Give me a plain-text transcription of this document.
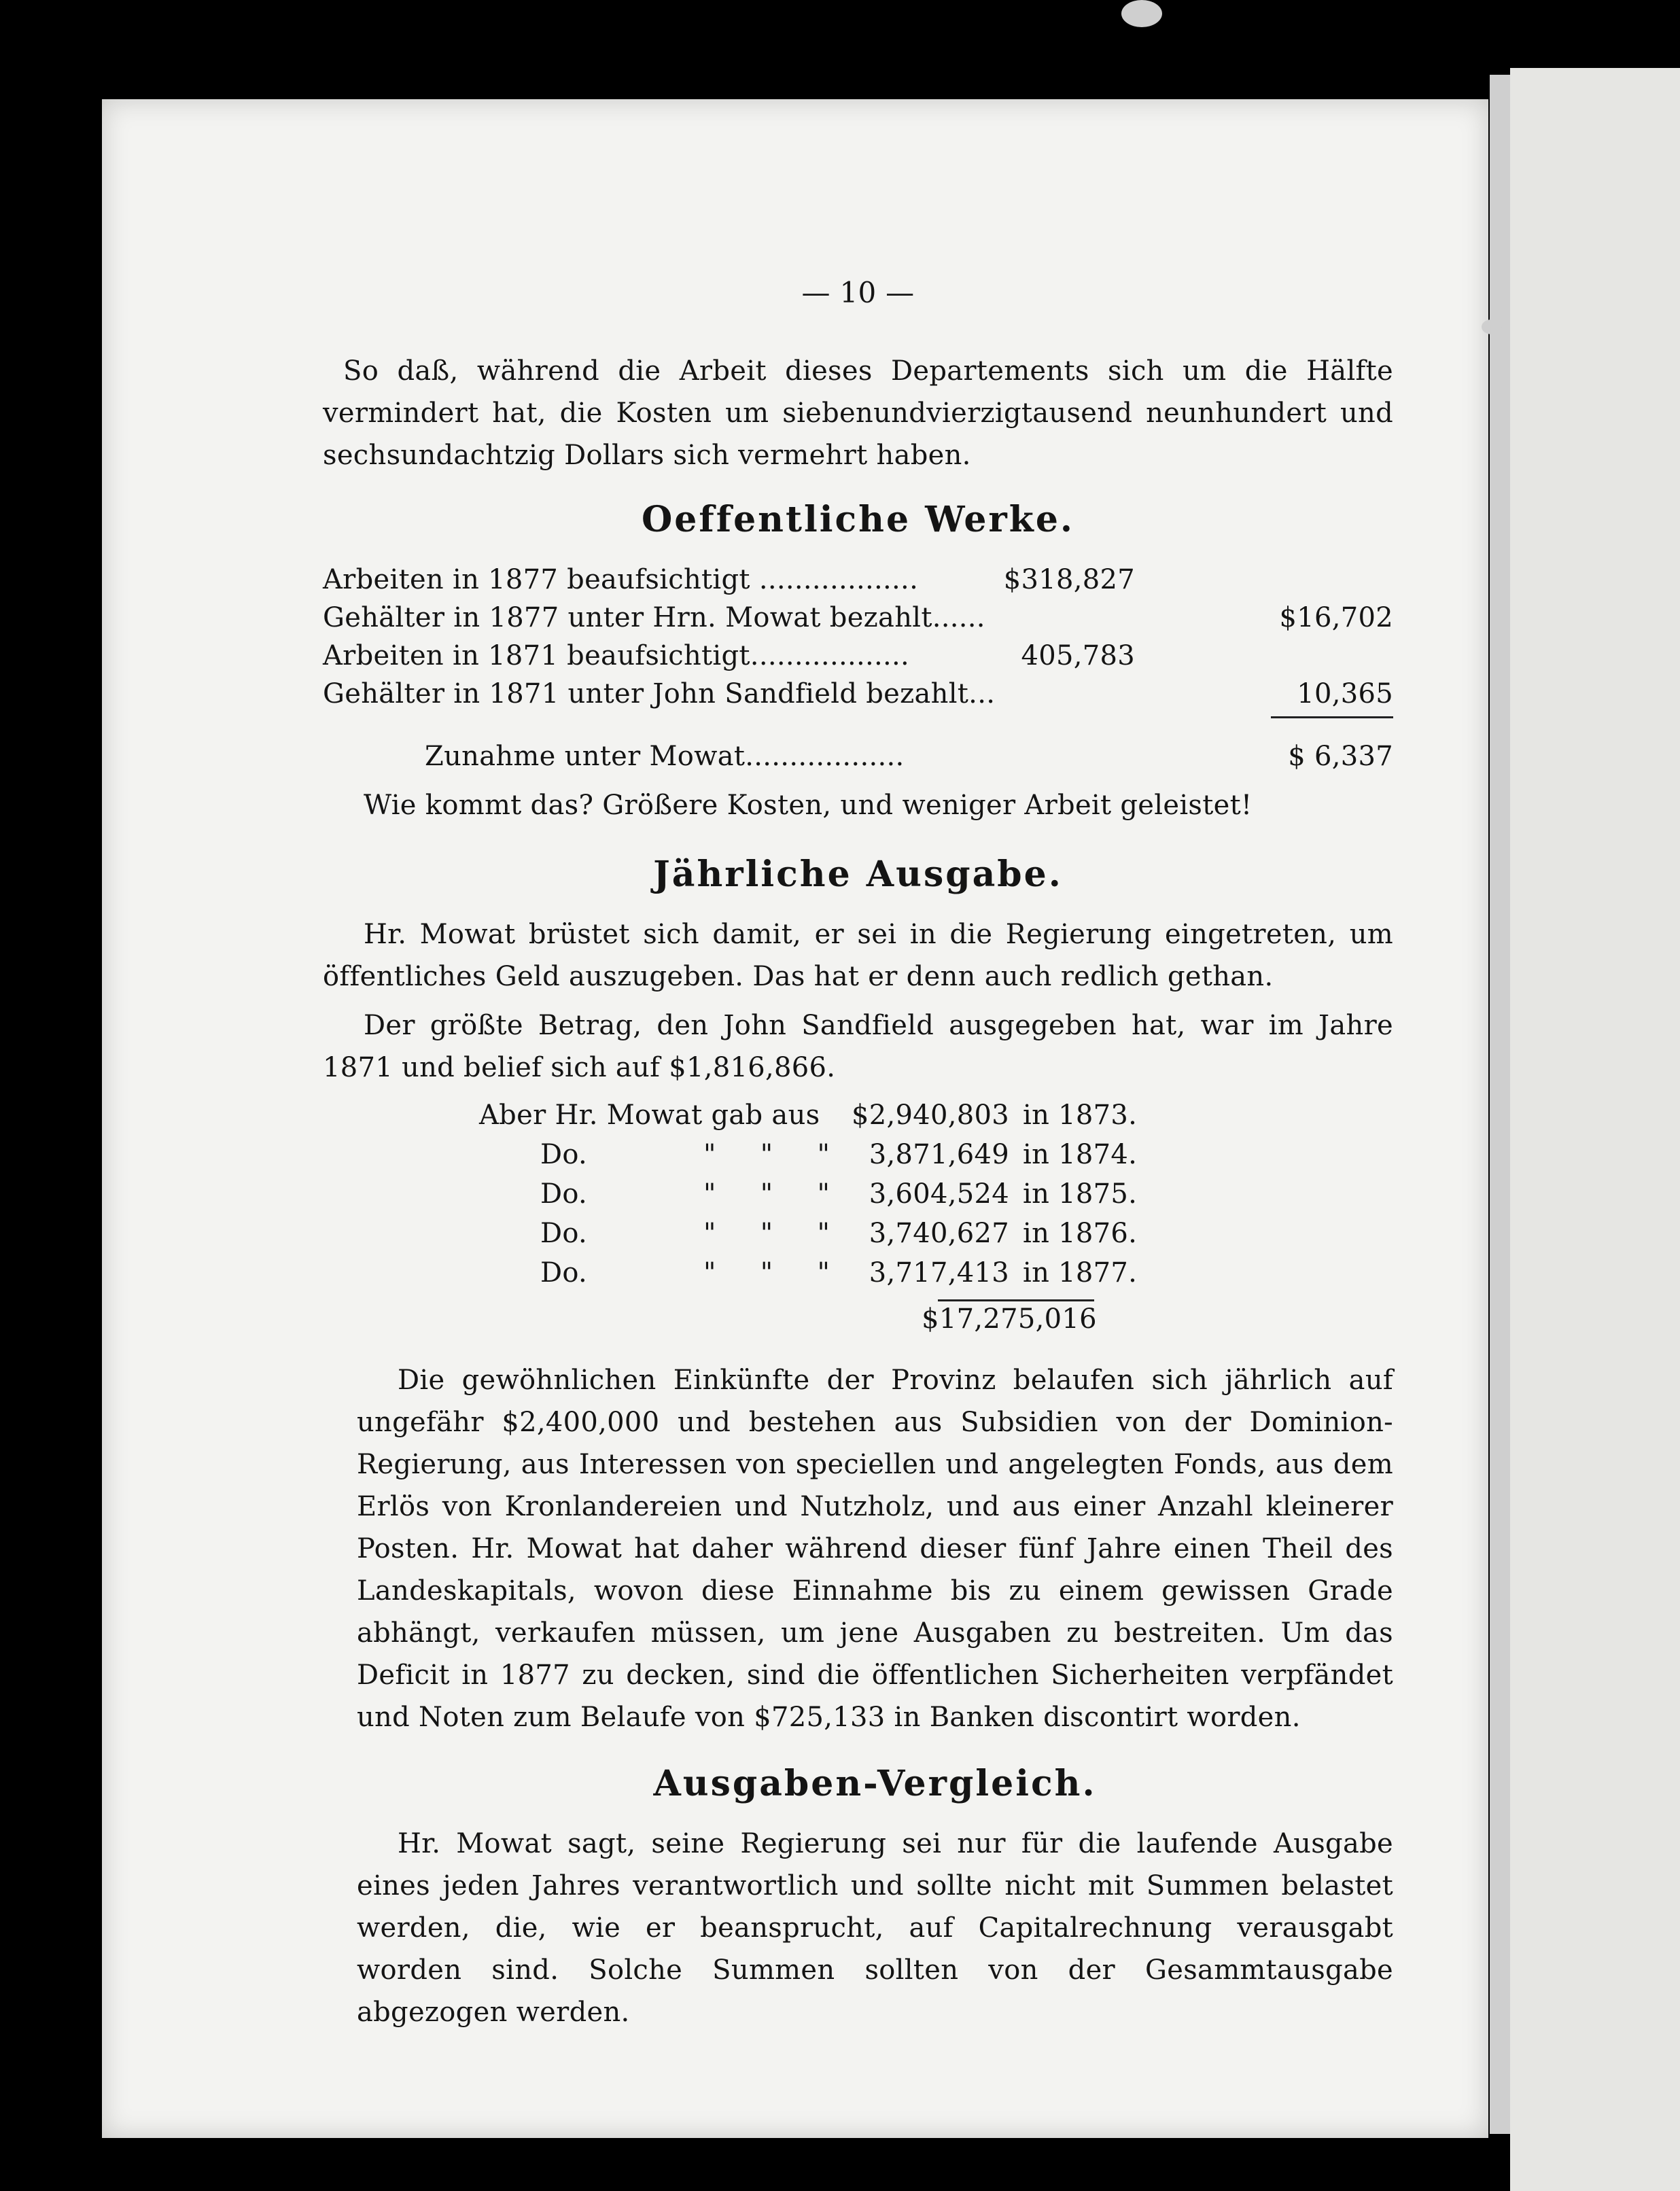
— 10 —

So daß, während die Arbeit dieses Departements sich um die Hälfte vermindert hat, die Kosten um siebenundvierzigtausend neunhundert und sechsundachtzig Dollars sich vermehrt haben.

Oeffentliche Werke.
Arbeiten in 1877 beaufsichtigt ..................	$318,827
Gehälter in 1877 unter Hrn. Mowat bezahlt......	$16,702
Arbeiten in 1871 beaufsichtigt..................	405,783
Gehälter in 1871 unter John Sandfield bezahlt...	10,365
Zunahme unter Mowat..................	$ 6,337
Wie kommt das? Größere Kosten, und weniger Arbeit geleistet!
Jährliche Ausgabe.

Hr. Mowat brüstet sich damit, er sei in die Regierung eingetreten, um öffentliches Geld auszugeben. Das hat er denn auch redlich gethan.

Der größte Betrag, den John Sandfield ausgegeben hat, war im Jahre 1871 und belief sich auf $1,816,866.

Aber Hr. Mowat gab aus	$2,940,803 in 1873.
Do.	"     "     "	3,871,649 in 1874.
Do.	"     "     "	3,604,524 in 1875.
Do.	"     "     "	3,740,627 in 1876.
Do.	"     "     "	3,717,413 in 1877.
$17,275,016

Die gewöhnlichen Einkünfte der Provinz belaufen sich jährlich auf ungefähr $2,400,000 und bestehen aus Subsidien von der Dominion-Regierung, aus Interessen von speciellen und angelegten Fonds, aus dem Erlös von Kronlandereien und Nutzholz, und aus einer Anzahl kleinerer Posten. Hr. Mowat hat daher während dieser fünf Jahre einen Theil des Landeskapitals, wovon diese Einnahme bis zu einem gewissen Grade abhängt, verkaufen müssen, um jene Ausgaben zu bestreiten. Um das Deficit in 1877 zu decken, sind die öffentlichen Sicherheiten verpfändet und Noten zum Belaufe von $725,133 in Banken discontirt worden.

Ausgaben-Vergleich.

Hr. Mowat sagt, seine Regierung sei nur für die laufende Ausgabe eines jeden Jahres verantwortlich und sollte nicht mit Summen belastet werden, die, wie er beansprucht, auf Capitalrechnung verausgabt worden sind. Solche Summen sollten von der Gesammtausgabe abgezogen werden.
